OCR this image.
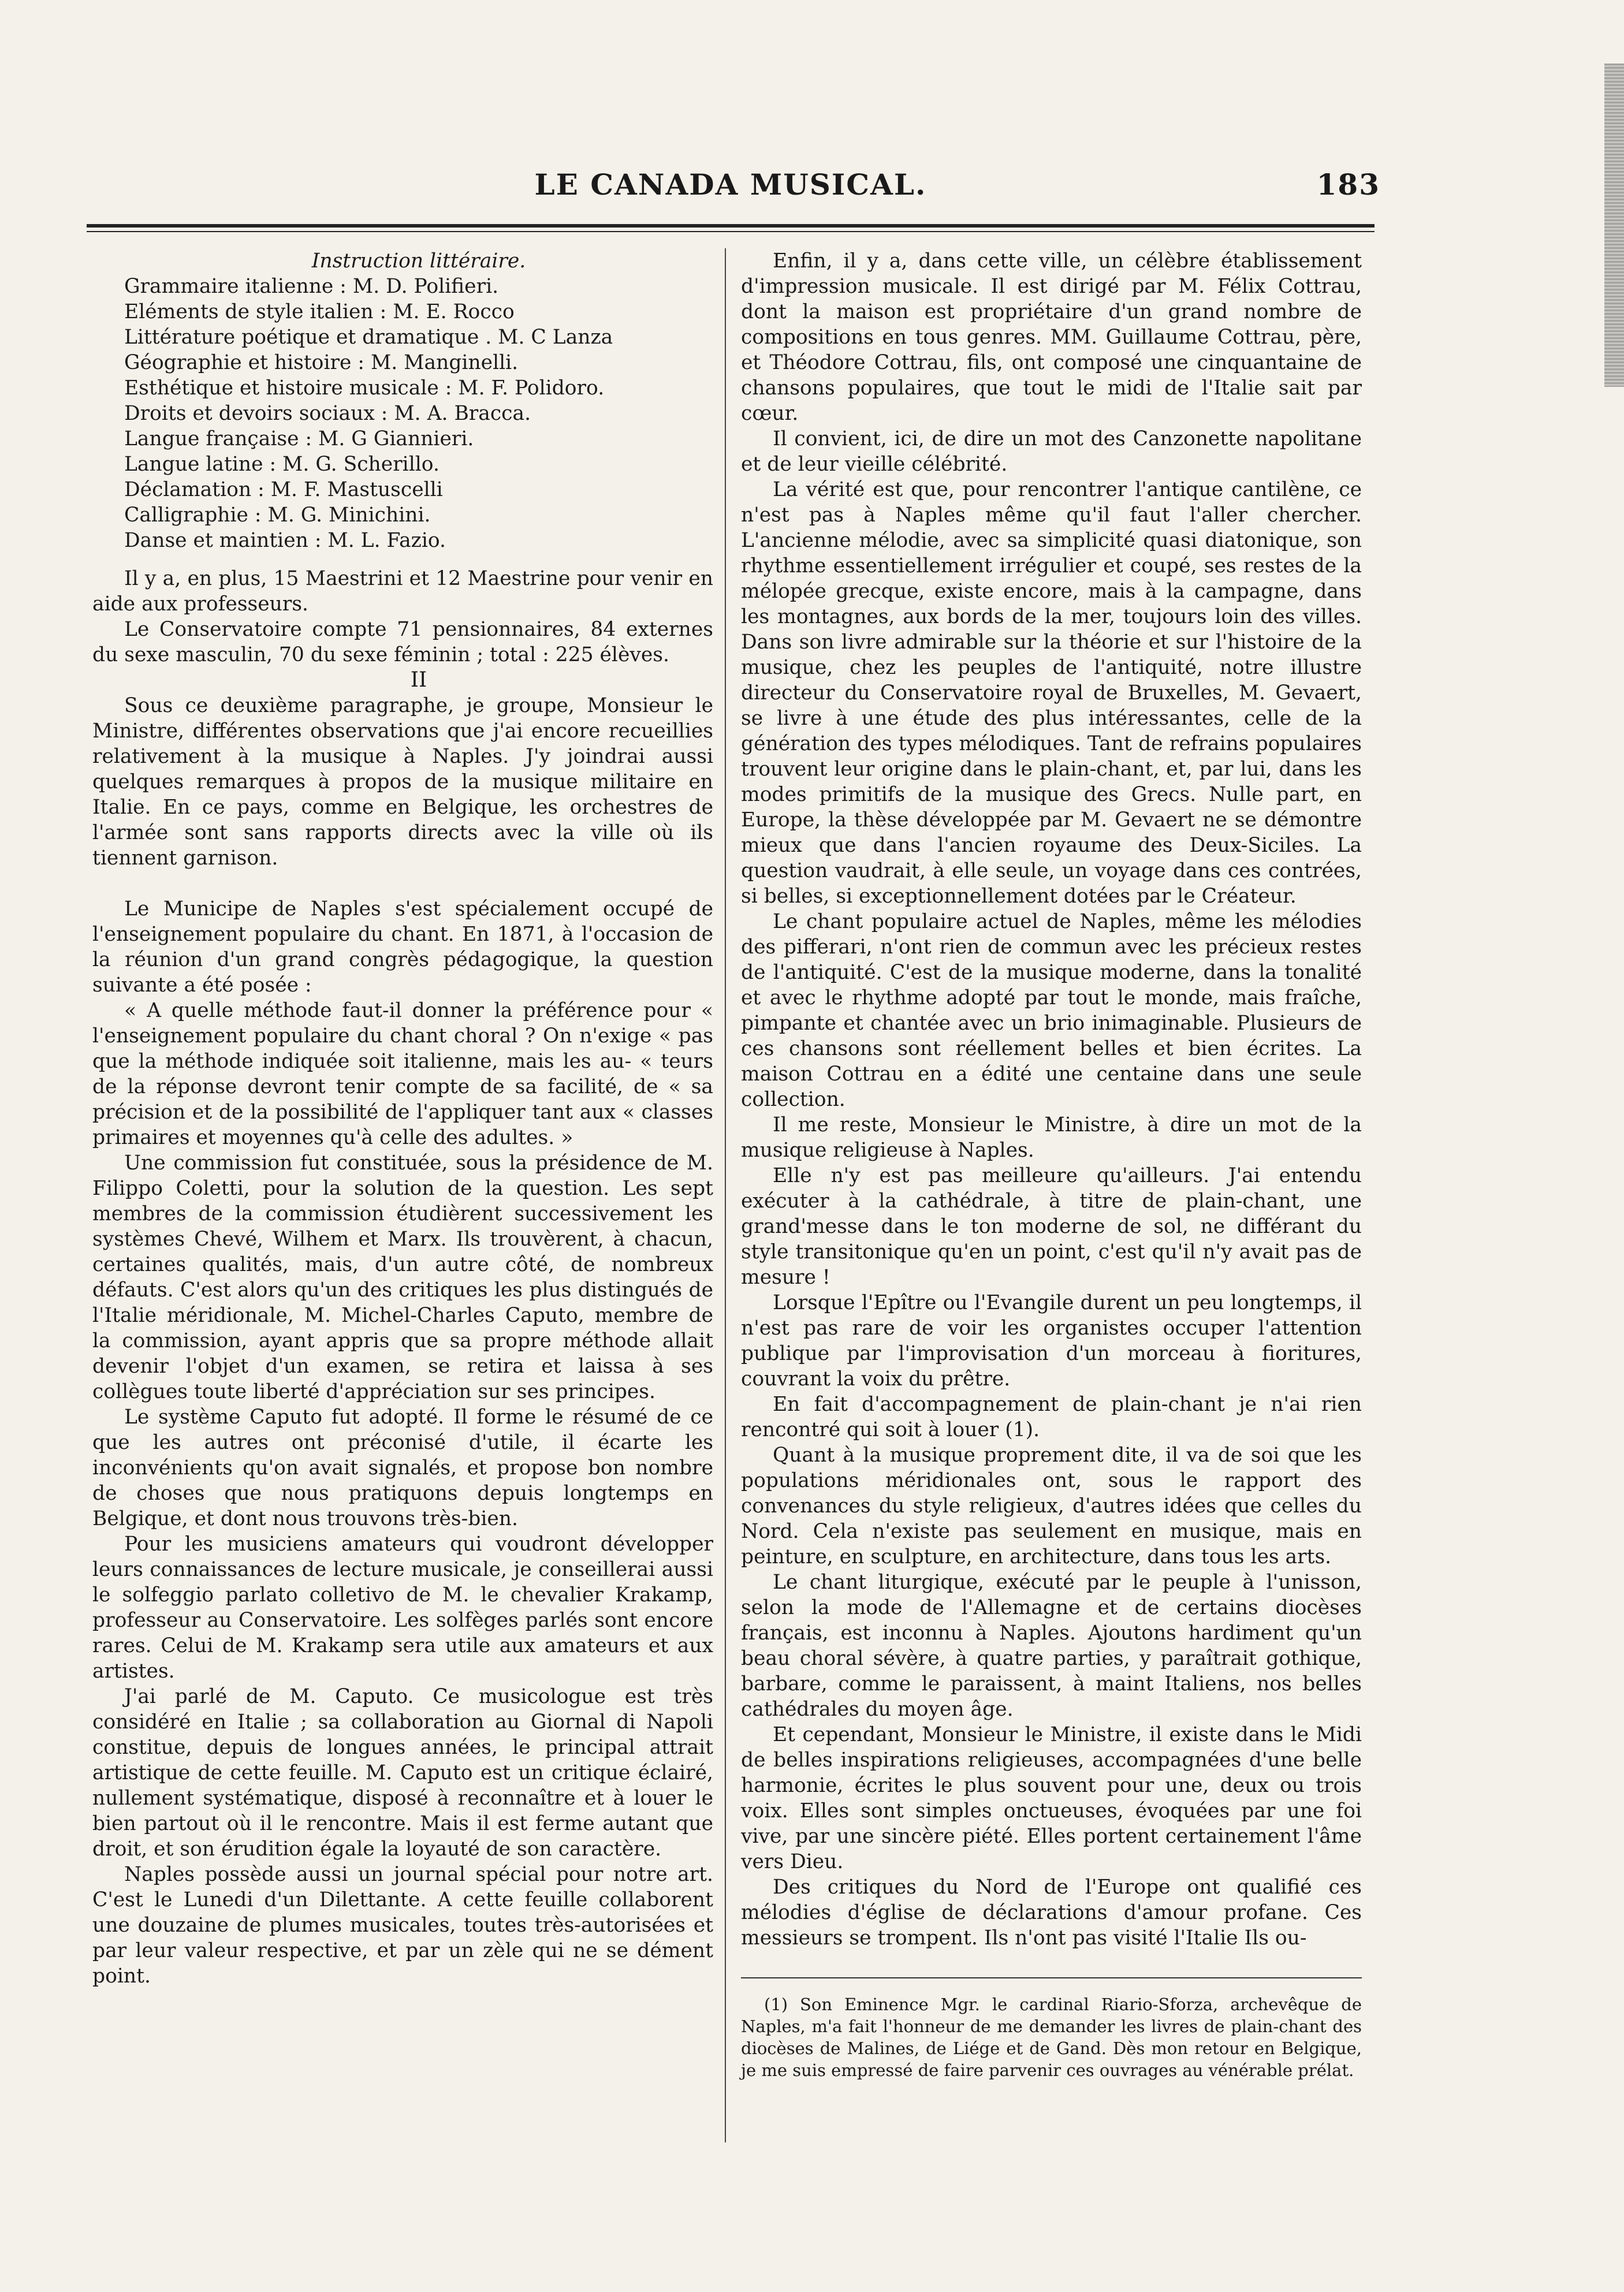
LE CANADA MUSICAL.	183

Instruction littéraire.

Grammaire italienne : M. D. Polifieri.
Eléments de style italien : M. E. Rocco
Littérature poétique et dramatique . M. C Lanza
Géographie et histoire : M. Manginelli.
Esthétique et histoire musicale : M. F. Polidoro.
Droits et devoirs sociaux : M. A. Bracca.
Langue française : M. G Giannieri.
Langue latine : M. G. Scherillo.
Déclamation : M. F. Mastuscelli
Calligraphie : M. G. Minichini.
Danse et maintien : M. L. Fazio.

Il y a, en plus, 15 Maestrini et 12 Maestrine pour venir en aide aux professeurs.

Le Conservatoire compte 71 pensionnaires, 84 externes du sexe masculin, 70 du sexe féminin ; total : 225 élèves.

II

Sous ce deuxième paragraphe, je groupe, Monsieur le Ministre, différentes observations que j'ai encore recueillies relativement à la musique à Naples. J'y joindrai aussi quelques remarques à propos de la musique militaire en Italie. En ce pays, comme en Belgique, les orchestres de l'armée sont sans rapports directs avec la ville où ils tiennent garnison.

Le Municipe de Naples s'est spécialement occupé de l'enseignement populaire du chant. En 1871, à l'occasion de la réunion d'un grand congrès pédagogique, la question suivante a été posée :

« A quelle méthode faut-il donner la préférence pour « l'enseignement populaire du chant choral ? On n'exige « pas que la méthode indiquée soit italienne, mais les au- « teurs de la réponse devront tenir compte de sa facilité, de « sa précision et de la possibilité de l'appliquer tant aux « classes primaires et moyennes qu'à celle des adultes. »

Une commission fut constituée, sous la présidence de M. Filippo Coletti, pour la solution de la question. Les sept membres de la commission étudièrent successivement les systèmes Chevé, Wilhem et Marx. Ils trouvèrent, à chacun, certaines qualités, mais, d'un autre côté, de nombreux défauts. C'est alors qu'un des critiques les plus distingués de l'Italie méridionale, M. Michel-Charles Caputo, membre de la commission, ayant appris que sa propre méthode allait devenir l'objet d'un examen, se retira et laissa à ses collègues toute liberté d'appréciation sur ses principes.

Le système Caputo fut adopté. Il forme le résumé de ce que les autres ont préconisé d'utile, il écarte les inconvénients qu'on avait signalés, et propose bon nombre de choses que nous pratiquons depuis longtemps en Belgique, et dont nous trouvons très-bien.

Pour les musiciens amateurs qui voudront développer leurs connaissances de lecture musicale, je conseillerai aussi le solfeggio parlato colletivo de M. le chevalier Krakamp, professeur au Conservatoire. Les solfèges parlés sont encore rares. Celui de M. Krakamp sera utile aux amateurs et aux artistes.

J'ai parlé de M. Caputo. Ce musicologue est très considéré en Italie ; sa collaboration au Giornal di Napoli constitue, depuis de longues années, le principal attrait artistique de cette feuille. M. Caputo est un critique éclairé, nullement systématique, disposé à reconnaître et à louer le bien partout où il le rencontre. Mais il est ferme autant que droit, et son érudition égale la loyauté de son caractère.

Naples possède aussi un journal spécial pour notre art. C'est le Lunedi d'un Dilettante. A cette feuille collaborent une douzaine de plumes musicales, toutes très-autorisées et par leur valeur respective, et par un zèle qui ne se dément point.

Enfin, il y a, dans cette ville, un célèbre établissement d'impression musicale. Il est dirigé par M. Félix Cottrau, dont la maison est propriétaire d'un grand nombre de compositions en tous genres. MM. Guillaume Cottrau, père, et Théodore Cottrau, fils, ont composé une cinquantaine de chansons populaires, que tout le midi de l'Italie sait par cœur.

Il convient, ici, de dire un mot des Canzonette napolitane et de leur vieille célébrité.

La vérité est que, pour rencontrer l'antique cantilène, ce n'est pas à Naples même qu'il faut l'aller chercher. L'ancienne mélodie, avec sa simplicité quasi diatonique, son rhythme essentiellement irrégulier et coupé, ses restes de la mélopée grecque, existe encore, mais à la campagne, dans les montagnes, aux bords de la mer, toujours loin des villes. Dans son livre admirable sur la théorie et sur l'histoire de la musique, chez les peuples de l'antiquité, notre illustre directeur du Conservatoire royal de Bruxelles, M. Gevaert, se livre à une étude des plus intéressantes, celle de la génération des types mélodiques. Tant de refrains populaires trouvent leur origine dans le plain-chant, et, par lui, dans les modes primitifs de la musique des Grecs. Nulle part, en Europe, la thèse développée par M. Gevaert ne se démontre mieux que dans l'ancien royaume des Deux-Siciles. La question vaudrait, à elle seule, un voyage dans ces contrées, si belles, si exceptionnellement dotées par le Créateur.

Le chant populaire actuel de Naples, même les mélodies des pifferari, n'ont rien de commun avec les précieux restes de l'antiquité. C'est de la musique moderne, dans la tonalité et avec le rhythme adopté par tout le monde, mais fraîche, pimpante et chantée avec un brio inimaginable. Plusieurs de ces chansons sont réellement belles et bien écrites. La maison Cottrau en a édité une centaine dans une seule collection.

Il me reste, Monsieur le Ministre, à dire un mot de la musique religieuse à Naples.

Elle n'y est pas meilleure qu'ailleurs. J'ai entendu exécuter à la cathédrale, à titre de plain-chant, une grand'messe dans le ton moderne de sol, ne différant du style transitonique qu'en un point, c'est qu'il n'y avait pas de mesure !

Lorsque l'Epître ou l'Evangile durent un peu longtemps, il n'est pas rare de voir les organistes occuper l'attention publique par l'improvisation d'un morceau à fioritures, couvrant la voix du prêtre.

En fait d'accompagnement de plain-chant je n'ai rien rencontré qui soit à louer (1).

Quant à la musique proprement dite, il va de soi que les populations méridionales ont, sous le rapport des convenances du style religieux, d'autres idées que celles du Nord. Cela n'existe pas seulement en musique, mais en peinture, en sculpture, en architecture, dans tous les arts.

Le chant liturgique, exécuté par le peuple à l'unisson, selon la mode de l'Allemagne et de certains diocèses français, est inconnu à Naples. Ajoutons hardiment qu'un beau choral sévère, à quatre parties, y paraîtrait gothique, barbare, comme le paraissent, à maint Italiens, nos belles cathédrales du moyen âge.

Et cependant, Monsieur le Ministre, il existe dans le Midi de belles inspirations religieuses, accompagnées d'une belle harmonie, écrites le plus souvent pour une, deux ou trois voix. Elles sont simples onctueuses, évoquées par une foi vive, par une sincère piété. Elles portent certainement l'âme vers Dieu.

Des critiques du Nord de l'Europe ont qualifié ces mélodies d'église de déclarations d'amour profane. Ces messieurs se trompent. Ils n'ont pas visité l'Italie Ils ou-

(1) Son Eminence Mgr. le cardinal Riario-Sforza, archevêque de Naples, m'a fait l'honneur de me demander les livres de plain-chant des diocèses de Malines, de Liége et de Gand. Dès mon retour en Belgique, je me suis empressé de faire parvenir ces ouvrages au vénérable prélat.
